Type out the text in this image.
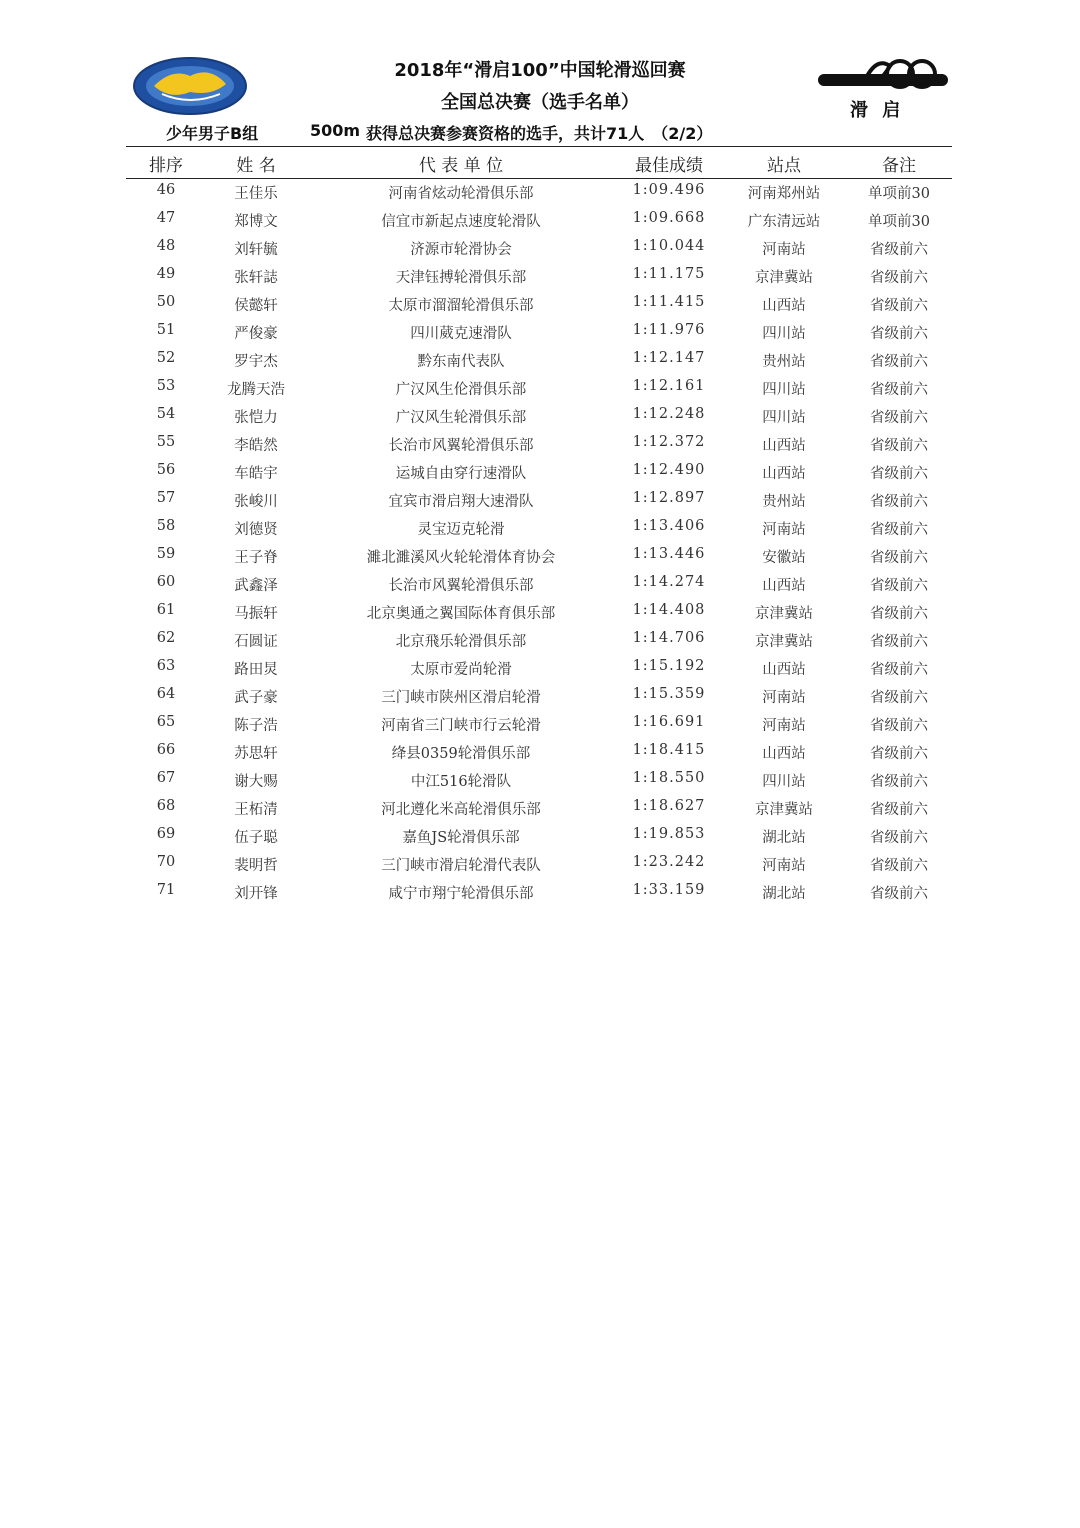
滑 启
2018年“滑启100”中国轮滑巡回赛
全国总决赛（选手名单）
少年男子B组	500m 获得总决赛参赛资格的选手，共计71人　（2/2）
排序	姓 名	代 表 单 位	最佳成绩	站点	备注
46	王佳乐	河南省炫动轮滑俱乐部	1:09.496	河南郑州站	单项前30
47	郑博文	信宜市新起点速度轮滑队	1:09.668	广东清远站	单项前30
48	刘轩毓	济源市轮滑协会	1:10.044	河南站	省级前六
49	张轩誌	天津钰搏轮滑俱乐部	1:11.175	京津冀站	省级前六
50	侯懿轩	太原市溜溜轮滑俱乐部	1:11.415	山西站	省级前六
51	严俊豪	四川葳克速滑队	1:11.976	四川站	省级前六
52	罗宇杰	黔东南代表队	1:12.147	贵州站	省级前六
53	龙腾天浩	广汉风生伦滑俱乐部	1:12.161	四川站	省级前六
54	张恺力	广汉风生轮滑俱乐部	1:12.248	四川站	省级前六
55	李皓然	长治市风翼轮滑俱乐部	1:12.372	山西站	省级前六
56	车皓宇	运城自由穿行速滑队	1:12.490	山西站	省级前六
57	张峻川	宜宾市滑启翔大速滑队	1:12.897	贵州站	省级前六
58	刘德贤	灵宝迈克轮滑	1:13.406	河南站	省级前六
59	王子脊	濉北濉溪风火轮轮滑体育协会	1:13.446	安徽站	省级前六
60	武鑫泽	长治市风翼轮滑俱乐部	1:14.274	山西站	省级前六
61	马振轩	北京奥通之翼国际体育俱乐部	1:14.408	京津冀站	省级前六
62	石圆证	北京飛乐轮滑俱乐部	1:14.706	京津冀站	省级前六
63	路田炅	太原市爱尚轮滑	1:15.192	山西站	省级前六
64	武子豪	三门峡市陕州区滑启轮滑	1:15.359	河南站	省级前六
65	陈子浩	河南省三门峡市行云轮滑	1:16.691	河南站	省级前六
66	苏思轩	绛县0359轮滑俱乐部	1:18.415	山西站	省级前六
67	谢大赐	中江516轮滑队	1:18.550	四川站	省级前六
68	王柘清	河北遵化米高轮滑俱乐部	1:18.627	京津冀站	省级前六
69	伍子聪	嘉鱼JS轮滑俱乐部	1:19.853	湖北站	省级前六
70	裴明哲	三门峡市滑启轮滑代表队	1:23.242	河南站	省级前六
71	刘开锋	咸宁市翔宁轮滑俱乐部	1:33.159	湖北站	省级前六
